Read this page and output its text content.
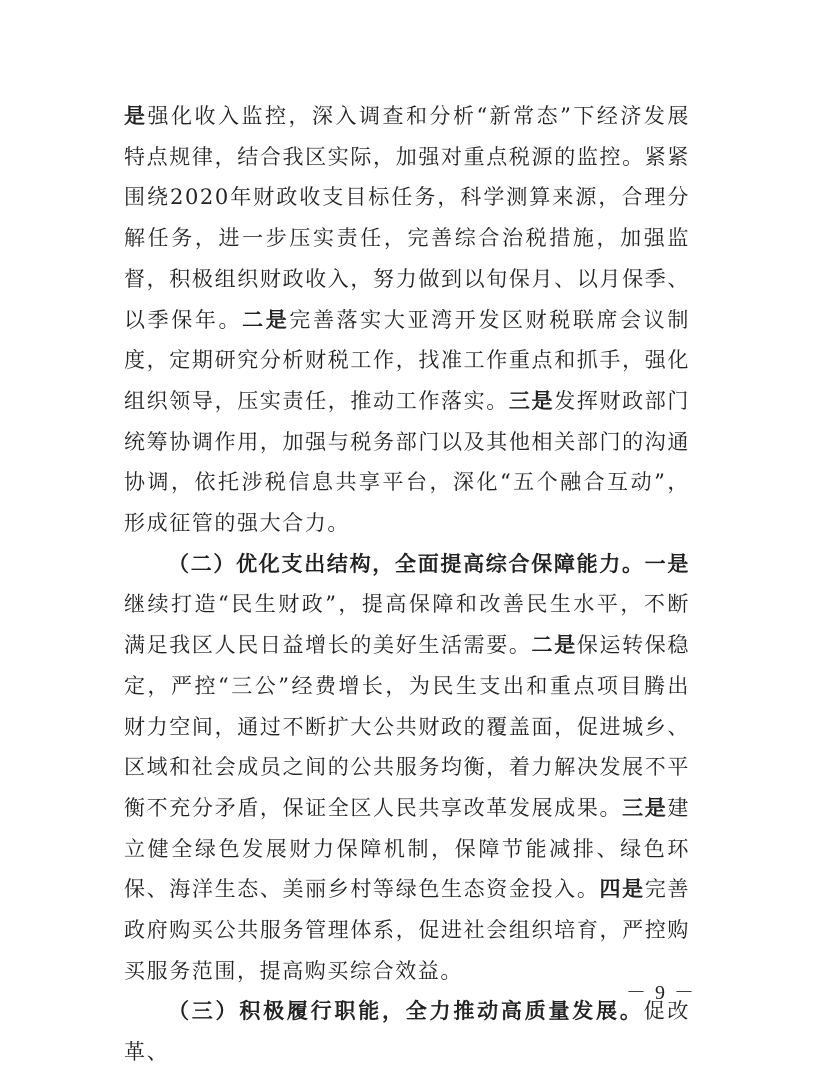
是强化收入监控，深入调查和分析“新常态”下经济发展特点规律，结合我区实际，加强对重点税源的监控。紧紧围绕2020年财政收支目标任务，科学测算来源，合理分解任务，进一步压实责任，完善综合治税措施，加强监督，积极组织财政收入，努力做到以旬保月、以月保季、以季保年。二是完善落实大亚湾开发区财税联席会议制度，定期研究分析财税工作，找准工作重点和抓手，强化组织领导，压实责任，推动工作落实。三是发挥财政部门统筹协调作用，加强与税务部门以及其他相关部门的沟通协调，依托涉税信息共享平台，深化“五个融合互动”，形成征管的强大合力。

（二）优化支出结构，全面提高综合保障能力。一是继续打造“民生财政”，提高保障和改善民生水平，不断满足我区人民日益增长的美好生活需要。二是保运转保稳定，严控“三公”经费增长，为民生支出和重点项目腾出财力空间，通过不断扩大公共财政的覆盖面，促进城乡、区域和社会成员之间的公共服务均衡，着力解决发展不平衡不充分矛盾，保证全区人民共享改革发展成果。三是建立健全绿色发展财力保障机制，保障节能减排、绿色环保、海洋生态、美丽乡村等绿色生态资金投入。四是完善政府购买公共服务管理体系，促进社会组织培育，严控购买服务范围，提高购买综合效益。

（三）积极履行职能，全力推动高质量发展。促改革、

－ 9 －
